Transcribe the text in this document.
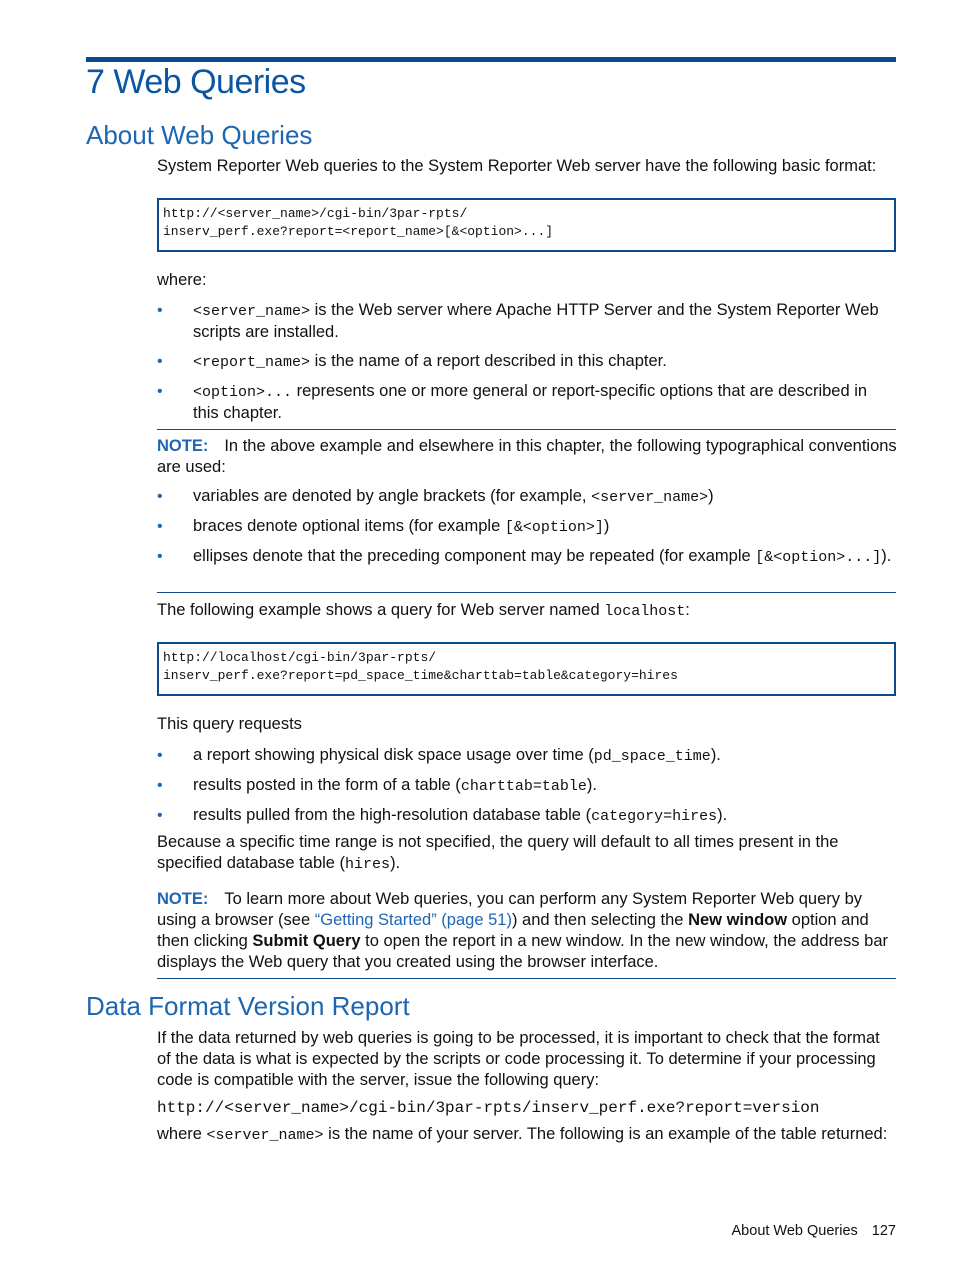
7 Web Queries
About Web Queries
System Reporter Web queries to the System Reporter Web server have the following basic format:
http://<server_name>/cgi-bin/3par-rpts/
inserv_perf.exe?report=<report_name>[&<option>...]
where:
• <server_name> is the Web server where Apache HTTP Server and the System Reporter Web scripts are installed.
• <report_name> is the name of a report described in this chapter.
• <option>... represents one or more general or report-specific options that are described in this chapter.
NOTE: In the above example and elsewhere in this chapter, the following typographical conventions are used:
• variables are denoted by angle brackets (for example, <server_name>)
• braces denote optional items (for example [&<option>])
• ellipses denote that the preceding component may be repeated (for example [&<option>...]).
The following example shows a query for Web server named localhost:
http://localhost/cgi-bin/3par-rpts/
inserv_perf.exe?report=pd_space_time&charttab=table&category=hires
This query requests
• a report showing physical disk space usage over time (pd_space_time).
• results posted in the form of a table (charttab=table).
• results pulled from the high-resolution database table (category=hires).
Because a specific time range is not specified, the query will default to all times present in the specified database table (hires).
NOTE: To learn more about Web queries, you can perform any System Reporter Web query by using a browser (see “Getting Started” (page 51)) and then selecting the New window option and then clicking Submit Query to open the report in a new window. In the new window, the address bar displays the Web query that you created using the browser interface.
Data Format Version Report
If the data returned by web queries is going to be processed, it is important to check that the format of the data is what is expected by the scripts or code processing it. To determine if your processing code is compatible with the server, issue the following query:
http://<server_name>/cgi-bin/3par-rpts/inserv_perf.exe?report=version
where <server_name> is the name of your server. The following is an example of the table returned:
About Web Queries 127
